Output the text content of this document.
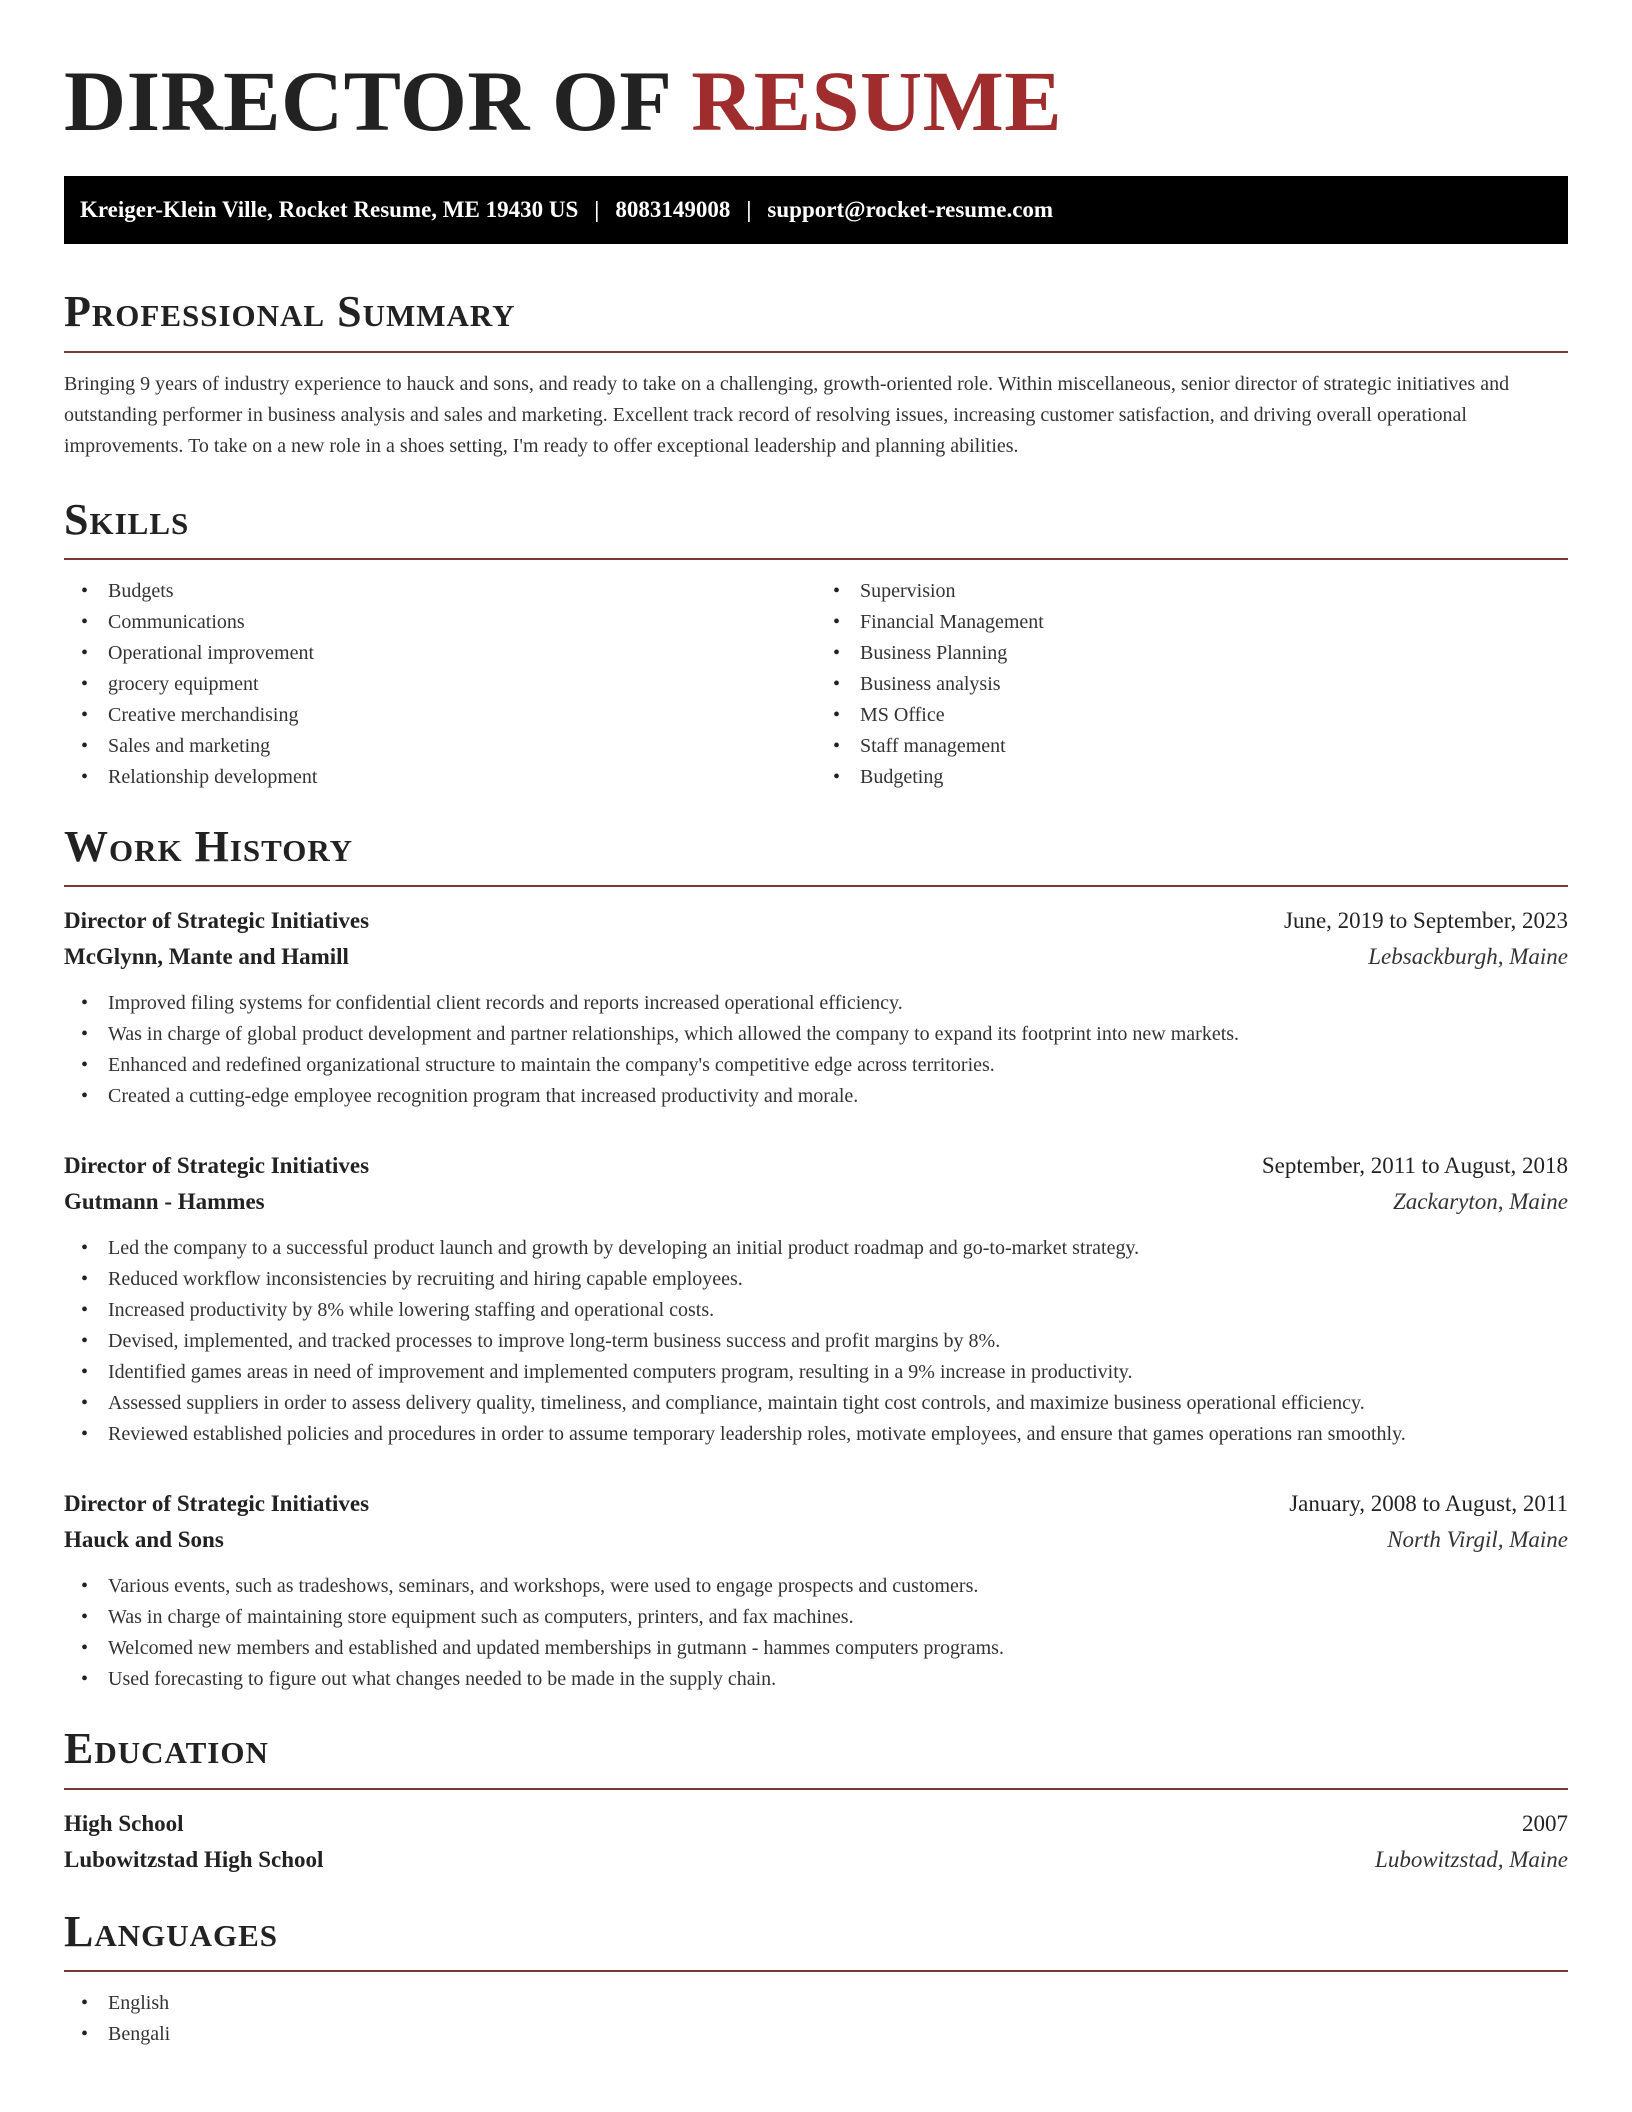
DIRECTOR OF RESUME
Kreiger-Klein Ville, Rocket Resume, ME 19430 US | 8083149008 | support@rocket-resume.com
Professional Summary

Bringing 9 years of industry experience to hauck and sons, and ready to take on a challenging, growth-oriented role. Within miscellaneous, senior director of strategic initiatives and outstanding performer in business analysis and sales and marketing. Excellent track record of resolving issues, increasing customer satisfaction, and driving overall operational improvements. To take on a new role in a shoes setting, I'm ready to offer exceptional leadership and planning abilities.

Skills
• Budgets
• Communications
• Operational improvement
• grocery equipment
• Creative merchandising
• Sales and marketing
• Relationship development
• Supervision
• Financial Management
• Business Planning
• Business analysis
• MS Office
• Staff management
• Budgeting
Work History
Director of Strategic Initiatives	June, 2019 to September, 2023
McGlynn, Mante and Hamill	Lebsackburgh, Maine
• Improved filing systems for confidential client records and reports increased operational efficiency.
• Was in charge of global product development and partner relationships, which allowed the company to expand its footprint into new markets.
• Enhanced and redefined organizational structure to maintain the company's competitive edge across territories.
• Created a cutting-edge employee recognition program that increased productivity and morale.
Director of Strategic Initiatives	September, 2011 to August, 2018
Gutmann - Hammes	Zackaryton, Maine
• Led the company to a successful product launch and growth by developing an initial product roadmap and go-to-market strategy.
• Reduced workflow inconsistencies by recruiting and hiring capable employees.
• Increased productivity by 8% while lowering staffing and operational costs.
• Devised, implemented, and tracked processes to improve long-term business success and profit margins by 8%.
• Identified games areas in need of improvement and implemented computers program, resulting in a 9% increase in productivity.
• Assessed suppliers in order to assess delivery quality, timeliness, and compliance, maintain tight cost controls, and maximize business operational efficiency.
• Reviewed established policies and procedures in order to assume temporary leadership roles, motivate employees, and ensure that games operations ran smoothly.
Director of Strategic Initiatives	January, 2008 to August, 2011
Hauck and Sons	North Virgil, Maine
• Various events, such as tradeshows, seminars, and workshops, were used to engage prospects and customers.
• Was in charge of maintaining store equipment such as computers, printers, and fax machines.
• Welcomed new members and established and updated memberships in gutmann - hammes computers programs.
• Used forecasting to figure out what changes needed to be made in the supply chain.
Education
High School	2007
Lubowitzstad High School	Lubowitzstad, Maine
Languages
• English
• Bengali
